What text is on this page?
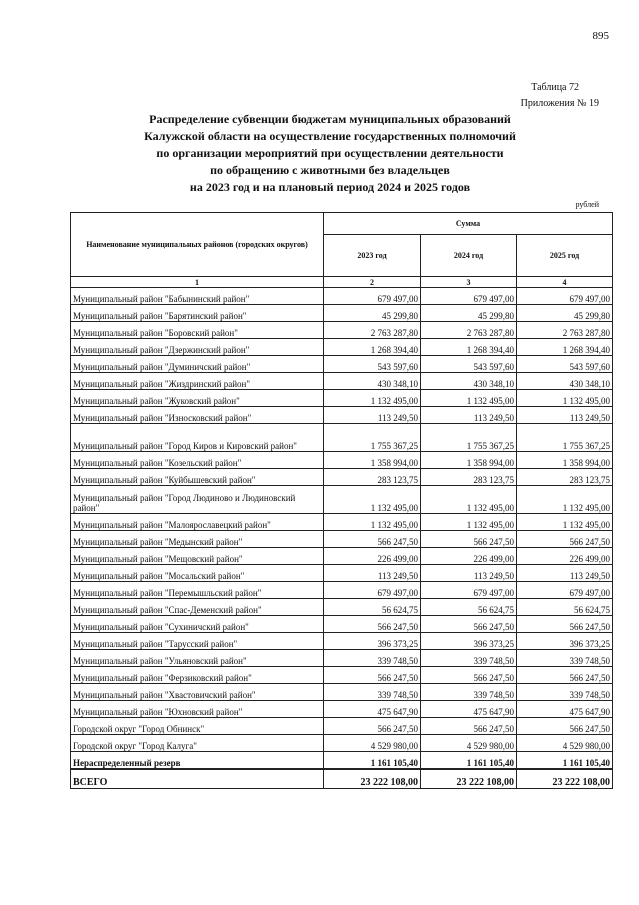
895
Таблица 72
Приложения № 19
Распределение субвенции бюджетам муниципальных образований
Калужской области на осуществление государственных полномочий
по организации мероприятий при осуществлении деятельности
по обращению с животными без владельцев
на 2023 год и на плановый период 2024 и 2025 годов
рублей
Наименование муниципальных районов (городских округов)	Сумма		
	2023 год	2024 год	2025 год
1	2	3	4
Муниципальный район "Бабынинский район"	679 497,00	679 497,00	679 497,00
Муниципальный район "Барятинский район"	45 299,80	45 299,80	45 299,80
Муниципальный район "Боровский район"	2 763 287,80	2 763 287,80	2 763 287,80
Муниципальный район "Дзержинский район"	1 268 394,40	1 268 394,40	1 268 394,40
Муниципальный район "Думиничский район"	543 597,60	543 597,60	543 597,60
Муниципальный район "Жиздринский район"	430 348,10	430 348,10	430 348,10
Муниципальный район "Жуковский район"	1 132 495,00	1 132 495,00	1 132 495,00
Муниципальный район "Износковский район"	113 249,50	113 249,50	113 249,50
Муниципальный район "Город Киров и Кировский район"	1 755 367,25	1 755 367,25	1 755 367,25
Муниципальный район "Козельский район"	1 358 994,00	1 358 994,00	1 358 994,00
Муниципальный район "Куйбышевский район"	283 123,75	283 123,75	283 123,75
Муниципальный район "Город Людиново и Людиновский район"	1 132 495,00	1 132 495,00	1 132 495,00
Муниципальный район "Малоярославецкий район"	1 132 495,00	1 132 495,00	1 132 495,00
Муниципальный район "Медынский район"	566 247,50	566 247,50	566 247,50
Муниципальный район "Мещовский район"	226 499,00	226 499,00	226 499,00
Муниципальный район "Мосальский район"	113 249,50	113 249,50	113 249,50
Муниципальный район "Перемышльский район"	679 497,00	679 497,00	679 497,00
Муниципальный район "Спас-Деменский район"	56 624,75	56 624,75	56 624,75
Муниципальный район "Сухиничский район"	566 247,50	566 247,50	566 247,50
Муниципальный район "Тарусский район"	396 373,25	396 373,25	396 373,25
Муниципальный район "Ульяновский район"	339 748,50	339 748,50	339 748,50
Муниципальный район "Ферзиковский район"	566 247,50	566 247,50	566 247,50
Муниципальный район "Хвастовичский район"	339 748,50	339 748,50	339 748,50
Муниципальный район "Юхновский район"	475 647,90	475 647,90	475 647,90
Городской округ "Город Обнинск"	566 247,50	566 247,50	566 247,50
Городской округ "Город Калуга"	4 529 980,00	4 529 980,00	4 529 980,00
Нераспределенный резерв	1 161 105,40	1 161 105,40	1 161 105,40
ВСЕГО	23 222 108,00	23 222 108,00	23 222 108,00
